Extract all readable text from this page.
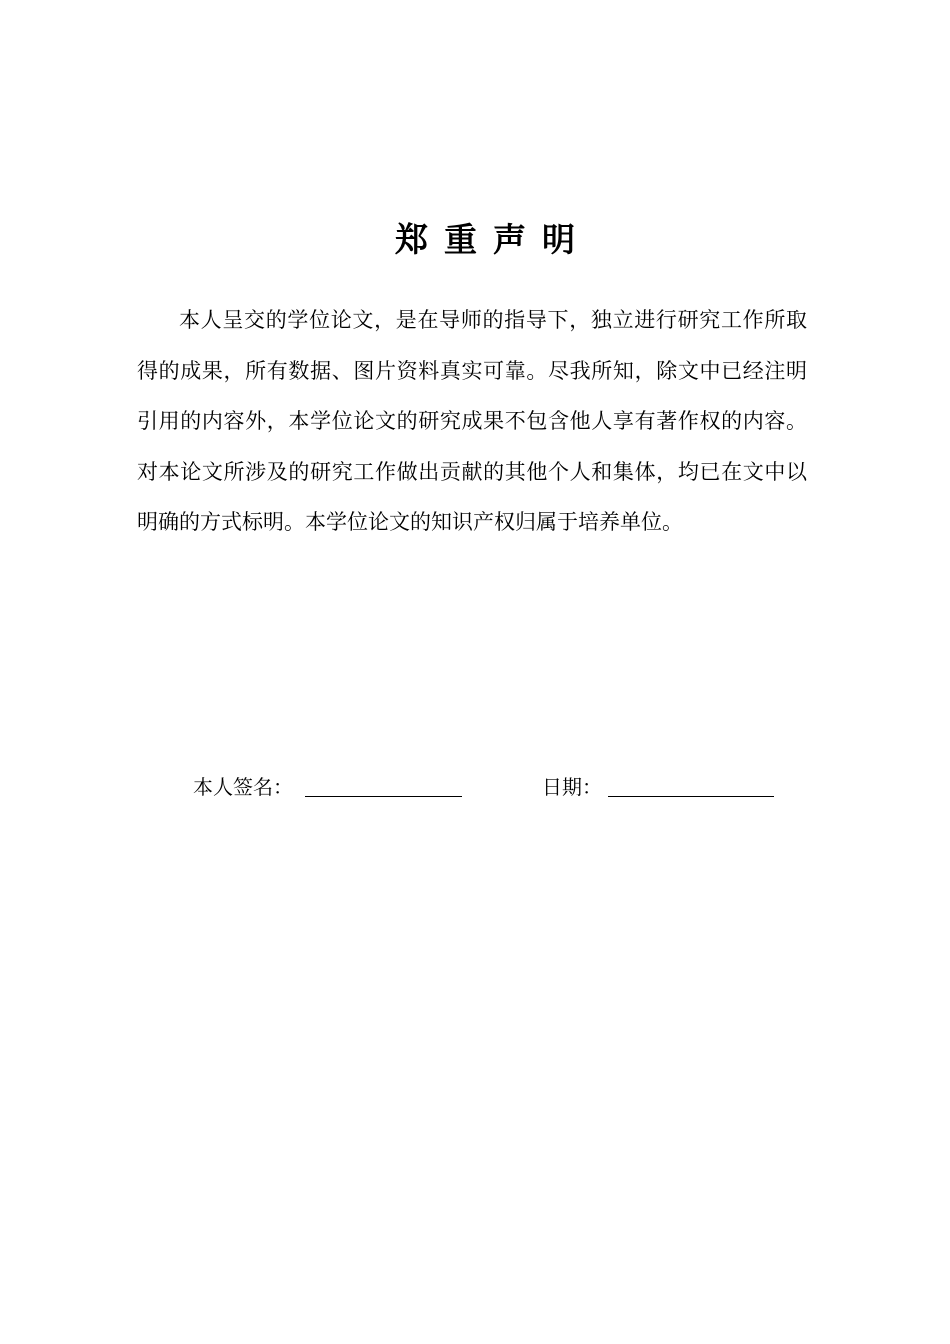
郑重声明

本人呈交的学位论文，是在导师的指导下，独立进行研究工作所取得的成果，所有数据、图片资料真实可靠。尽我所知，除文中已经注明引用的内容外，本学位论文的研究成果不包含他人享有著作权的内容。对本论文所涉及的研究工作做出贡献的其他个人和集体，均已在文中以明确的方式标明。本学位论文的知识产权归属于培养单位。

本人签名：	日期：
